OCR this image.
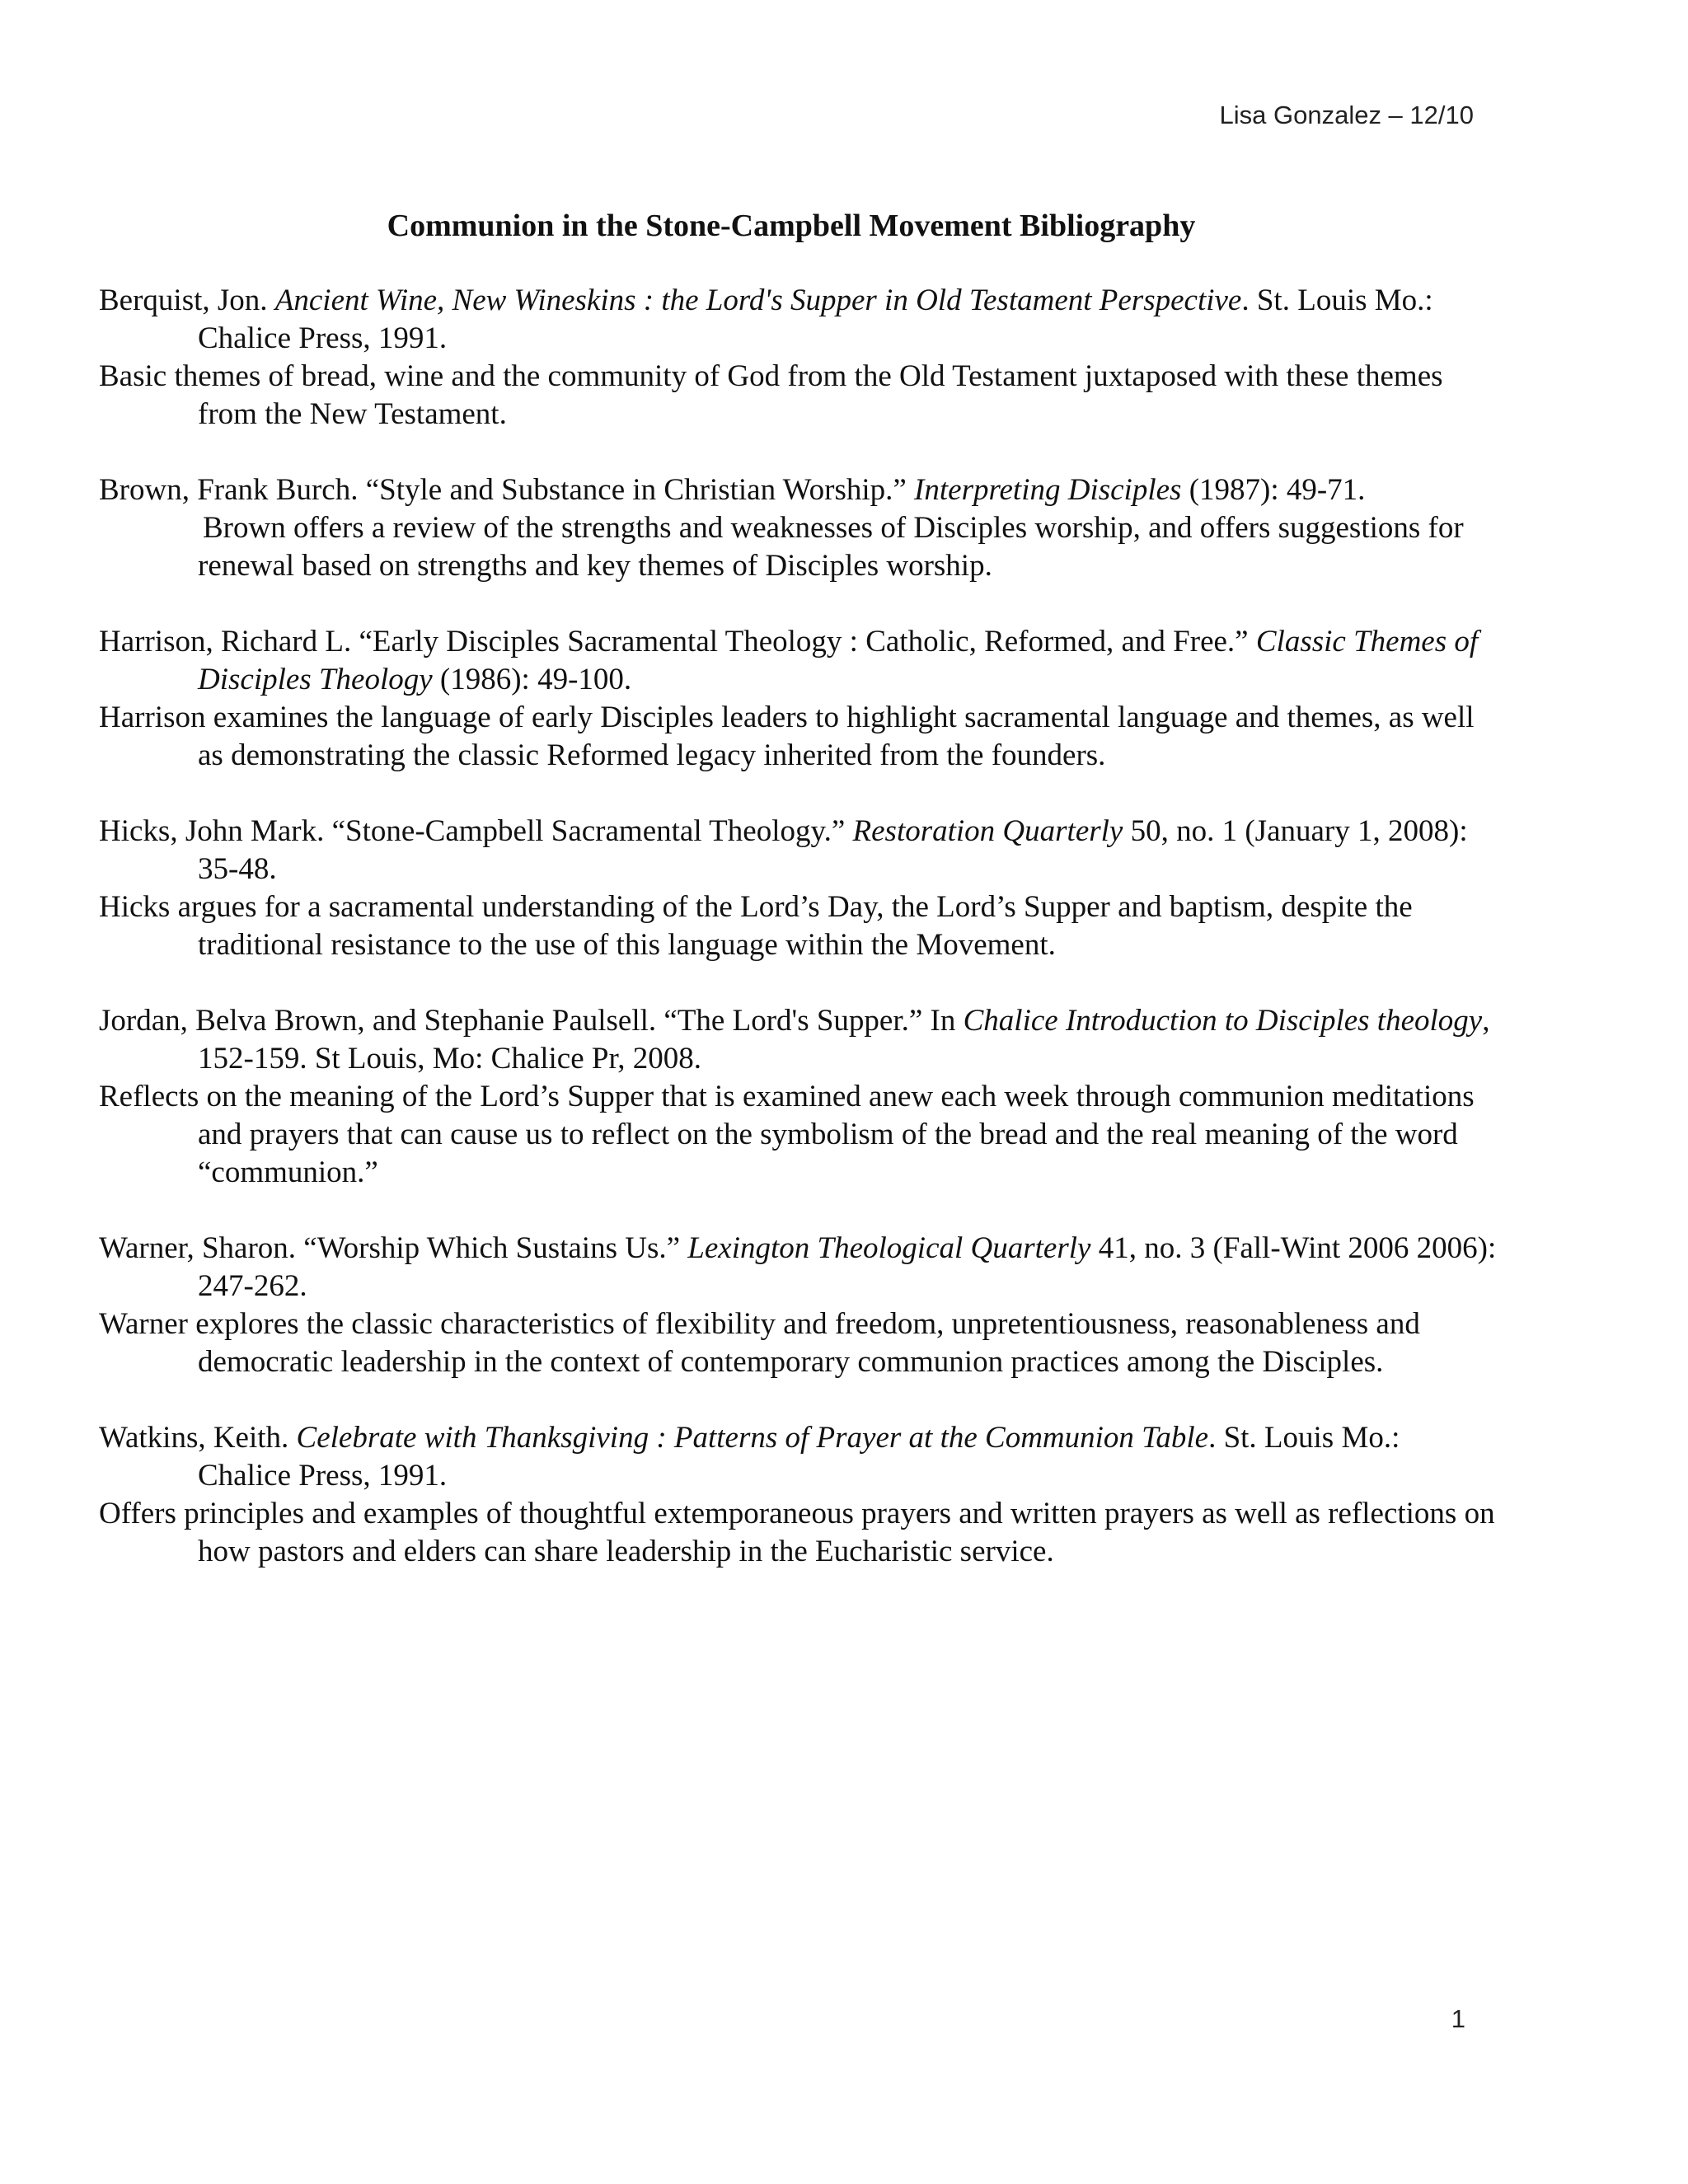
Lisa Gonzalez – 12/10
Communion in the Stone-Campbell Movement Bibliography

Berquist, Jon. Ancient Wine, New Wineskins : the Lord's Supper in Old Testament Perspective. St. Louis Mo.: Chalice Press, 1991.

Basic themes of bread, wine and the community of God from the Old Testament juxtaposed with these themes from the New Testament.

Brown, Frank Burch. “Style and Substance in Christian Worship.” Interpreting Disciples (1987): 49-71.

Brown offers a review of the strengths and weaknesses of Disciples worship, and offers suggestions for renewal based on strengths and key themes of Disciples worship.

Harrison, Richard L. “Early Disciples Sacramental Theology : Catholic, Reformed, and Free.” Classic Themes of Disciples Theology (1986): 49-100.

Harrison examines the language of early Disciples leaders to highlight sacramental language and themes, as well as demonstrating the classic Reformed legacy inherited from the founders.

Hicks, John Mark. “Stone-Campbell Sacramental Theology.” Restoration Quarterly 50, no. 1 (January 1, 2008): 35-48.

Hicks argues for a sacramental understanding of the Lord’s Day, the Lord’s Supper and baptism, despite the traditional resistance to the use of this language within the Movement.

Jordan, Belva Brown, and Stephanie Paulsell. “The Lord's Supper.” In Chalice Introduction to Disciples theology, 152-159. St Louis, Mo: Chalice Pr, 2008.

Reflects on the meaning of the Lord’s Supper that is examined anew each week through communion meditations and prayers that can cause us to reflect on the symbolism of the bread and the real meaning of the word “communion.”

Warner, Sharon. “Worship Which Sustains Us.” Lexington Theological Quarterly 41, no. 3 (Fall-Wint 2006 2006): 247-262.

Warner explores the classic characteristics of flexibility and freedom, unpretentiousness, reasonableness and democratic leadership in the context of contemporary communion practices among the Disciples.

Watkins, Keith. Celebrate with Thanksgiving : Patterns of Prayer at the Communion Table. St. Louis Mo.: Chalice Press, 1991.

Offers principles and examples of thoughtful extemporaneous prayers and written prayers as well as reflections on how pastors and elders can share leadership in the Eucharistic service.

1
